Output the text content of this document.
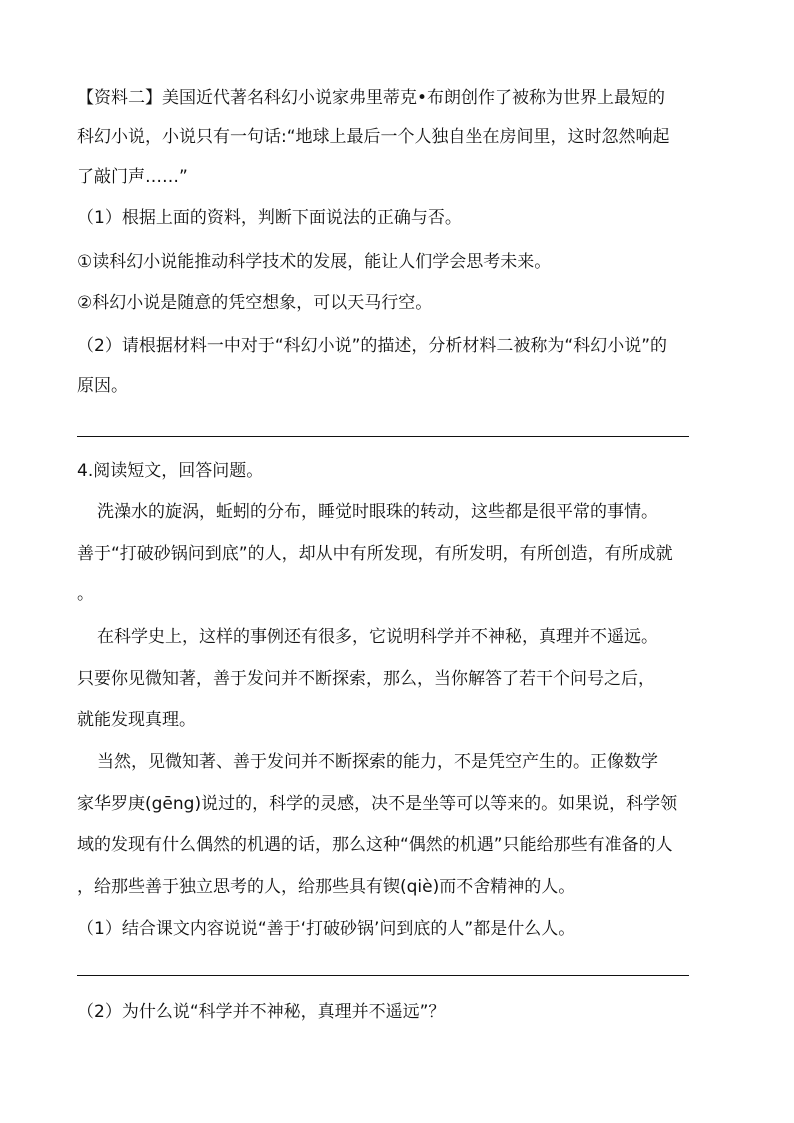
【资料二】美国近代著名科幻小说家弗里蒂克•布朗创作了被称为世界上最短的
科幻小说，小说只有一句话:“地球上最后一个人独自坐在房间里，这时忽然响起
了敲门声……”
（1）根据上面的资料，判断下面说法的正确与否。
①读科幻小说能推动科学技术的发展，能让人们学会思考未来。
②科幻小说是随意的凭空想象，可以天马行空。
（2）请根据材料一中对于“科幻小说”的描述，分析材料二被称为“科幻小说”的
原因。
4.阅读短文，回答问题。
洗澡水的旋涡，蚯蚓的分布，睡觉时眼珠的转动，这些都是很平常的事情。
善于“打破砂锅问到底”的人，却从中有所发现，有所发明，有所创造，有所成就
。
在科学史上，这样的事例还有很多，它说明科学并不神秘，真理并不遥远。
只要你见微知著，善于发问并不断探索，那么，当你解答了若干个问号之后，
就能发现真理。
当然，见微知著、善于发问并不断探索的能力，不是凭空产生的。正像数学
家华罗庚(gēng)说过的，科学的灵感，决不是坐等可以等来的。如果说，科学领
域的发现有什么偶然的机遇的话，那么这种“偶然的机遇”只能给那些有准备的人
，给那些善于独立思考的人，给那些具有锲(qiè)而不舍精神的人。
（1）结合课文内容说说“善于‘打破砂锅’问到底的人”都是什么人。
（2）为什么说“科学并不神秘，真理并不遥远”？
